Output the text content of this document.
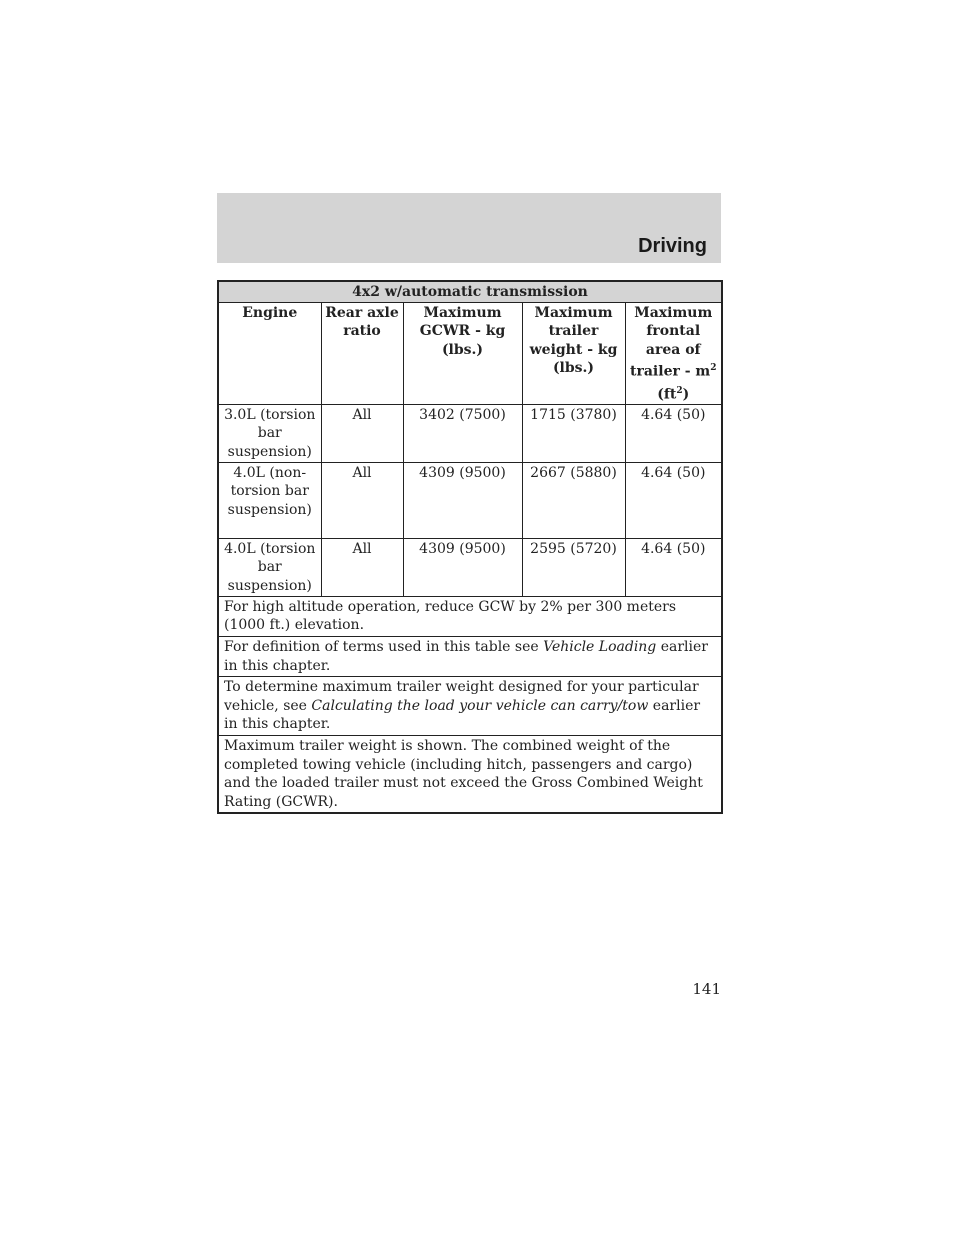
Driving
4x2 w/automatic transmission				
Engine	Rear axle ratio	Maximum GCWR - kg (lbs.)	Maximum trailer weight - kg (lbs.)	Maximum frontal area of trailer - $m^2$ $(ft^2)$
3.0L (torsion bar suspension)	All	3402 (7500)	1715 (3780)	4.64 (50)
4.0L (non-torsion bar suspension)	All	4309 (9500)	2667 (5880)	4.64 (50)
4.0L (torsion bar suspension)	All	4309 (9500)	2595 (5720)	4.64 (50)
For high altitude operation, reduce GCW by 2% per 300 meters (1000 ft.) elevation.				
For definition of terms used in this table see Vehicle Loading earlier in this chapter.				
To determine maximum trailer weight designed for your particular vehicle, see Calculating the load your vehicle can carry/tow earlier in this chapter.				
Maximum trailer weight is shown. The combined weight of the completed towing vehicle (including hitch, passengers and cargo) and the loaded trailer must not exceed the Gross Combined Weight Rating (GCWR).				
141
